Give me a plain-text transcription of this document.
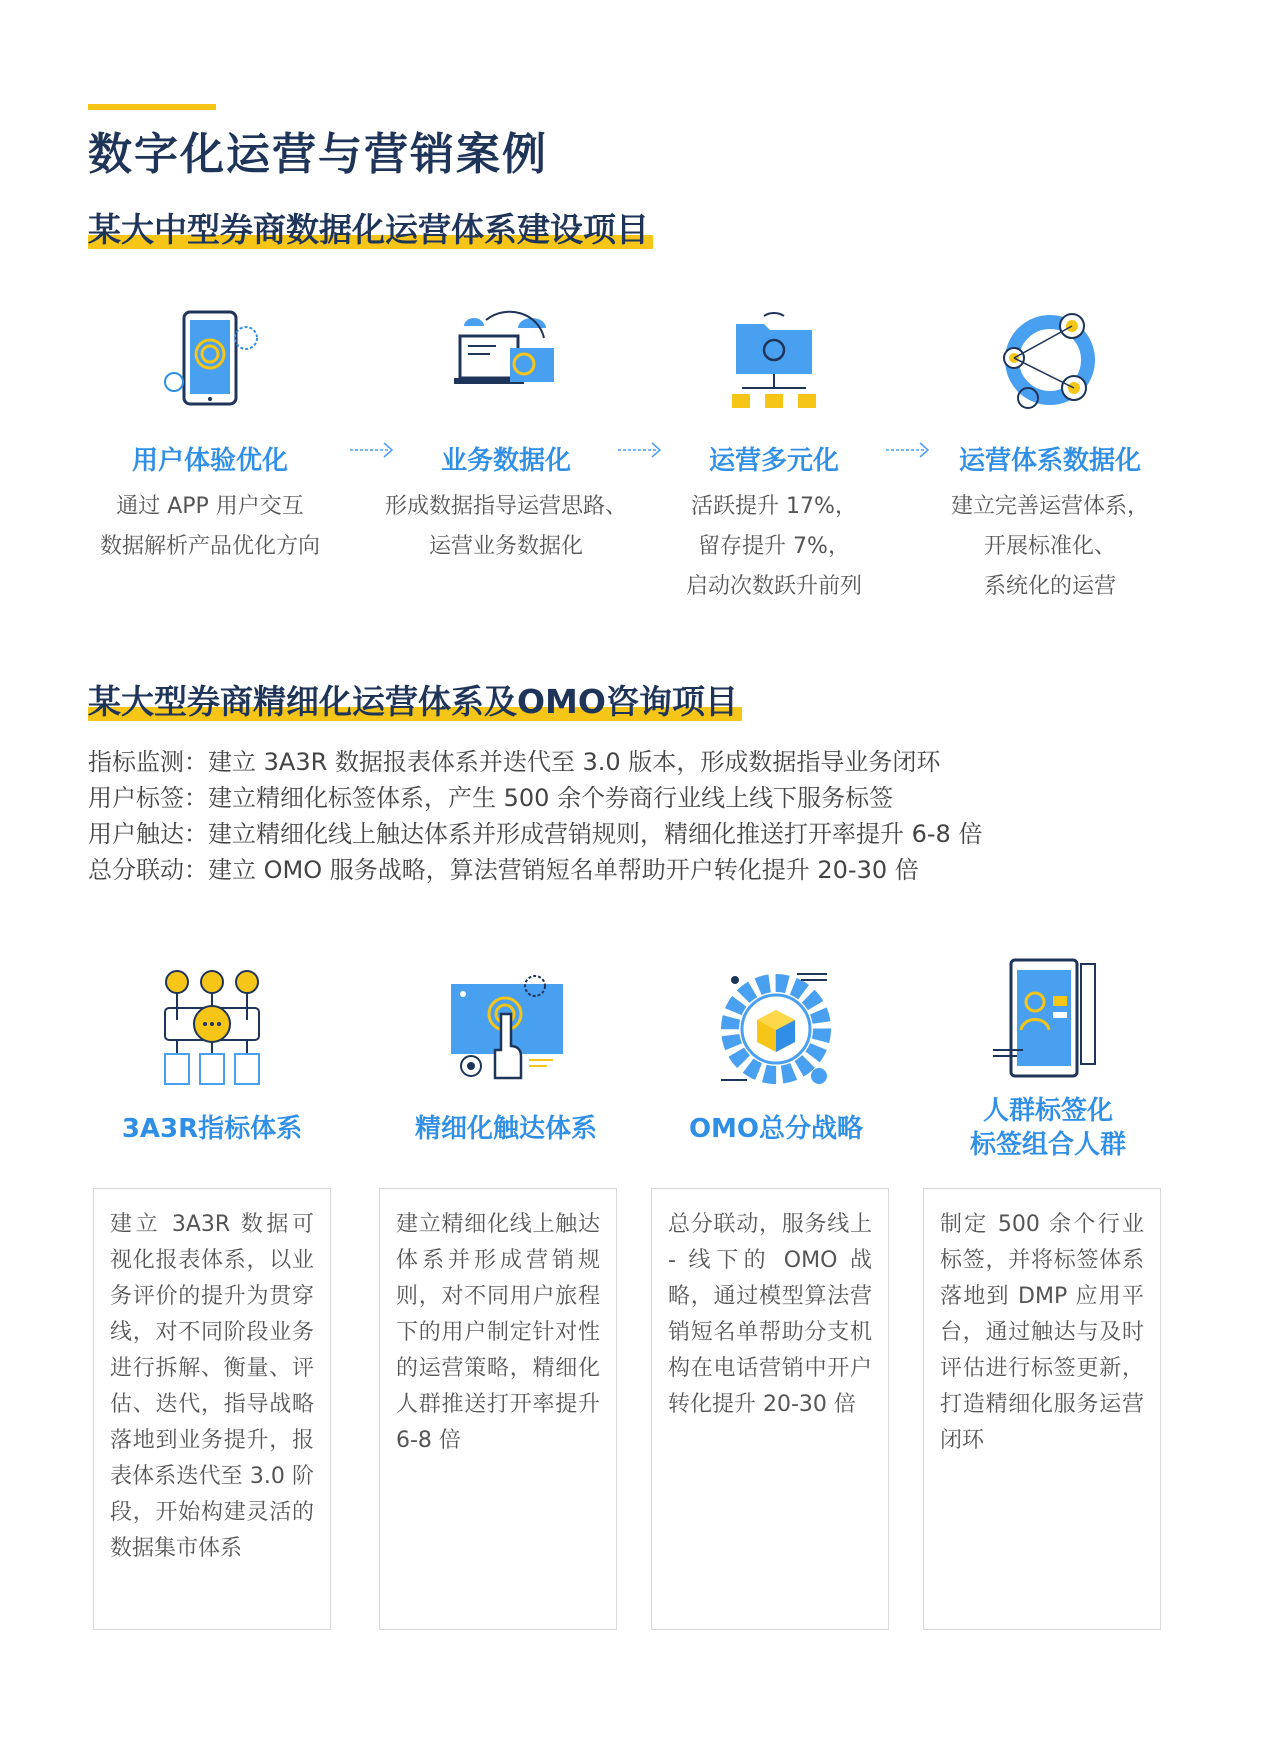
数字化运营与营销案例
某大中型券商数据化运营体系建设项目
用户体验优化
通过 APP 用户交互
数据解析产品优化方向
业务数据化
形成数据指导运营思路、
运营业务数据化
运营多元化
活跃提升 17%，
留存提升 7%，
启动次数跃升前列
运营体系数据化
建立完善运营体系，
开展标准化、
系统化的运营
某大型券商精细化运营体系及OMO咨询项目
指标监测：建立 3A3R 数据报表体系并迭代至 3.0 版本，形成数据指导业务闭环
用户标签：建立精细化标签体系，产生 500 余个券商行业线上线下服务标签
用户触达：建立精细化线上触达体系并形成营销规则，精细化推送打开率提升 6-8 倍
总分联动：建立 OMO 服务战略，算法营销短名单帮助开户转化提升 20-30 倍
3A3R指标体系
建立 3A3R 数据可视化报表体系，以业务评价的提升为贯穿线，对不同阶段业务进行拆解、衡量、评估、迭代，指导战略落地到业务提升，报表体系迭代至 3.0 阶段，开始构建灵活的数据集市体系
精细化触达体系
建立精细化线上触达体系并形成营销规则，对不同用户旅程下的用户制定针对性的运营策略，精细化人群推送打开率提升 6-8 倍
OMO总分战略
总分联动，服务线上 - 线下的 OMO 战略，通过模型算法营销短名单帮助分支机构在电话营销中开户转化提升 20-30 倍
人群标签化
标签组合人群
制定 500 余个行业标签，并将标签体系落地到 DMP 应用平台，通过触达与及时评估进行标签更新，打造精细化服务运营闭环
